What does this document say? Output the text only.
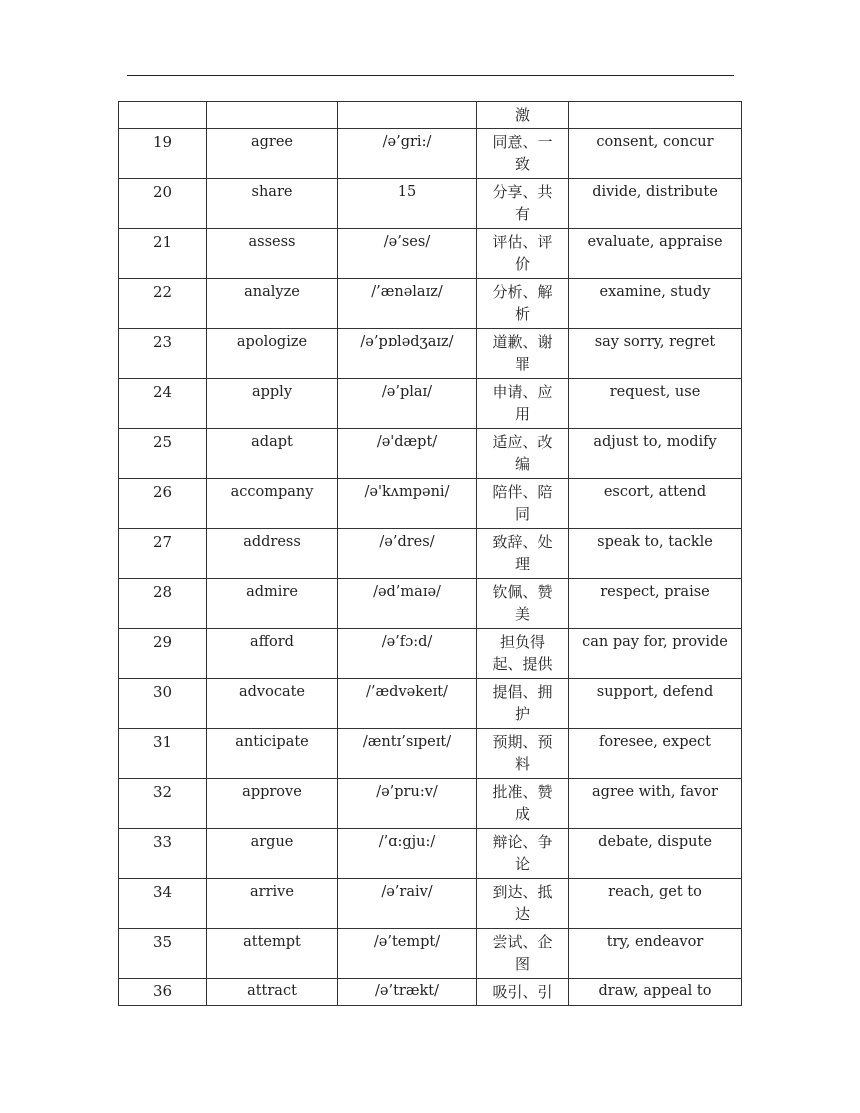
			激	
19	agree	/ə’gri:/	同意、一致	consent, concur
20	share	15	分享、共有	divide, distribute
21	assess	/ə’ses/	评估、评价	evaluate, appraise
22	analyze	/’ænəlaɪz/	分析、解析	examine, study
23	apologize	/ə’pɒlədʒaɪz/	道歉、谢罪	say sorry, regret
24	apply	/ə’plaɪ/	申请、应用	request, use
25	adapt	/ə'dæpt/	适应、改编	adjust to, modify
26	accompany	/ə'kʌmpəni/	陪伴、陪同	escort, attend
27	address	/ə’dres/	致辞、处理	speak to, tackle
28	admire	/əd’maɪə/	钦佩、赞美	respect, praise
29	afford	/ə’fɔ:d/	担负得起、提供	can pay for, provide
30	advocate	/’ædvəkeɪt/	提倡、拥护	support, defend
31	anticipate	/æntɪ’sɪpeɪt/	预期、预料	foresee, expect
32	approve	/ə’pru:v/	批准、赞成	agree with, favor
33	argue	/’ɑ:gju:/	辩论、争论	debate, dispute
34	arrive	/ə’raiv/	到达、抵达	reach, get to
35	attempt	/ə’tempt/	尝试、企图	try, endeavor

36	attract	/ə’trækt/	吸引、引	draw, appeal to
